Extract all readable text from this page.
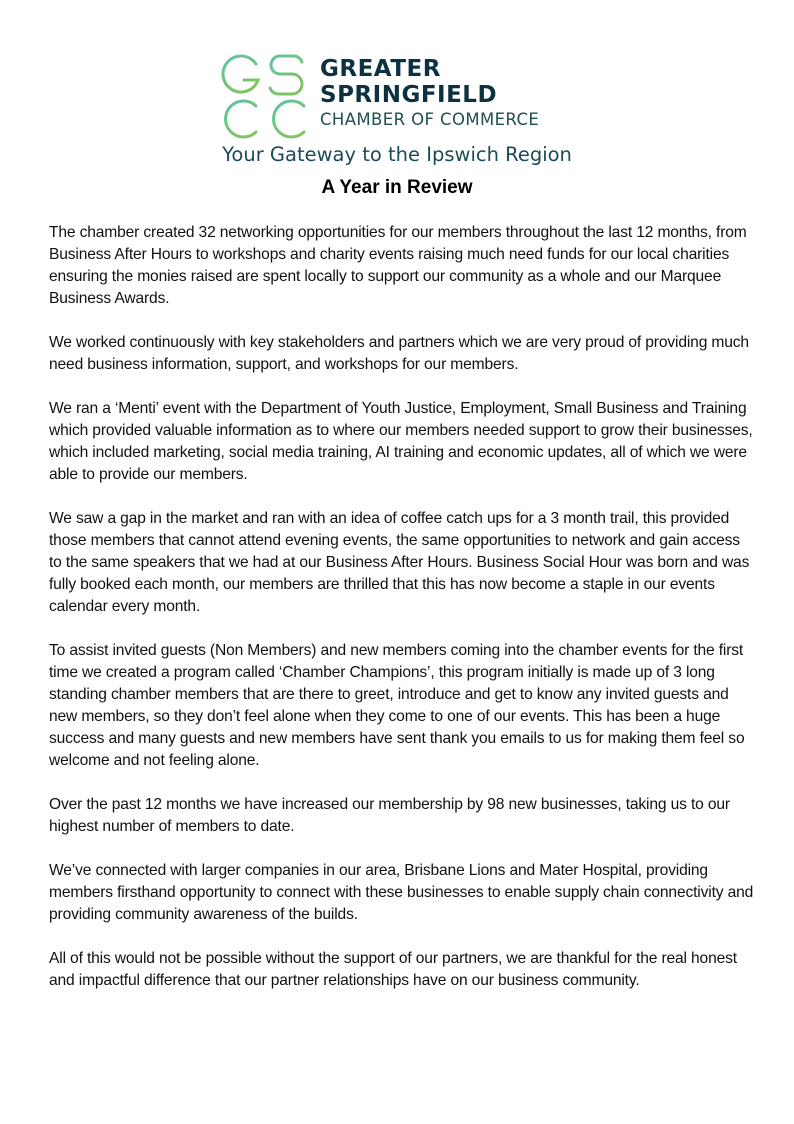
GREATER
SPRINGFIELD
CHAMBER OF COMMERCE
Your Gateway to the Ipswich Region
A Year in Review

The chamber created 32 networking opportunities for our members throughout the last 12 months, from Business After Hours to workshops and charity events raising much need funds for our local charities ensuring the monies raised are spent locally to support our community as a whole and our Marquee Business Awards.

We worked continuously with key stakeholders and partners which we are very proud of providing much need business information, support, and workshops for our members.

We ran a ‘Menti’ event with the Department of Youth Justice, Employment, Small Business and Training which provided valuable information as to where our members needed support to grow their businesses, which included marketing, social media training, AI training and economic updates, all of which we were able to provide our members.

We saw a gap in the market and ran with an idea of coffee catch ups for a 3 month trail, this provided those members that cannot attend evening events, the same opportunities to network and gain access to the same speakers that we had at our Business After Hours. Business Social Hour was born and was fully booked each month, our members are thrilled that this has now become a staple in our events calendar every month.

To assist invited guests (Non Members) and new members coming into the chamber events for the first time we created a program called ‘Chamber Champions’, this program initially is made up of 3 long standing chamber members that are there to greet, introduce and get to know any invited guests and new members, so they don’t feel alone when they come to one of our events. This has been a huge success and many guests and new members have sent thank you emails to us for making them feel so welcome and not feeling alone.

Over the past 12 months we have increased our membership by 98 new businesses, taking us to our highest number of members to date.

We’ve connected with larger companies in our area, Brisbane Lions and Mater Hospital, providing members firsthand opportunity to connect with these businesses to enable supply chain connectivity and providing community awareness of the builds.

All of this would not be possible without the support of our partners, we are thankful for the real honest and impactful difference that our partner relationships have on our business community.
